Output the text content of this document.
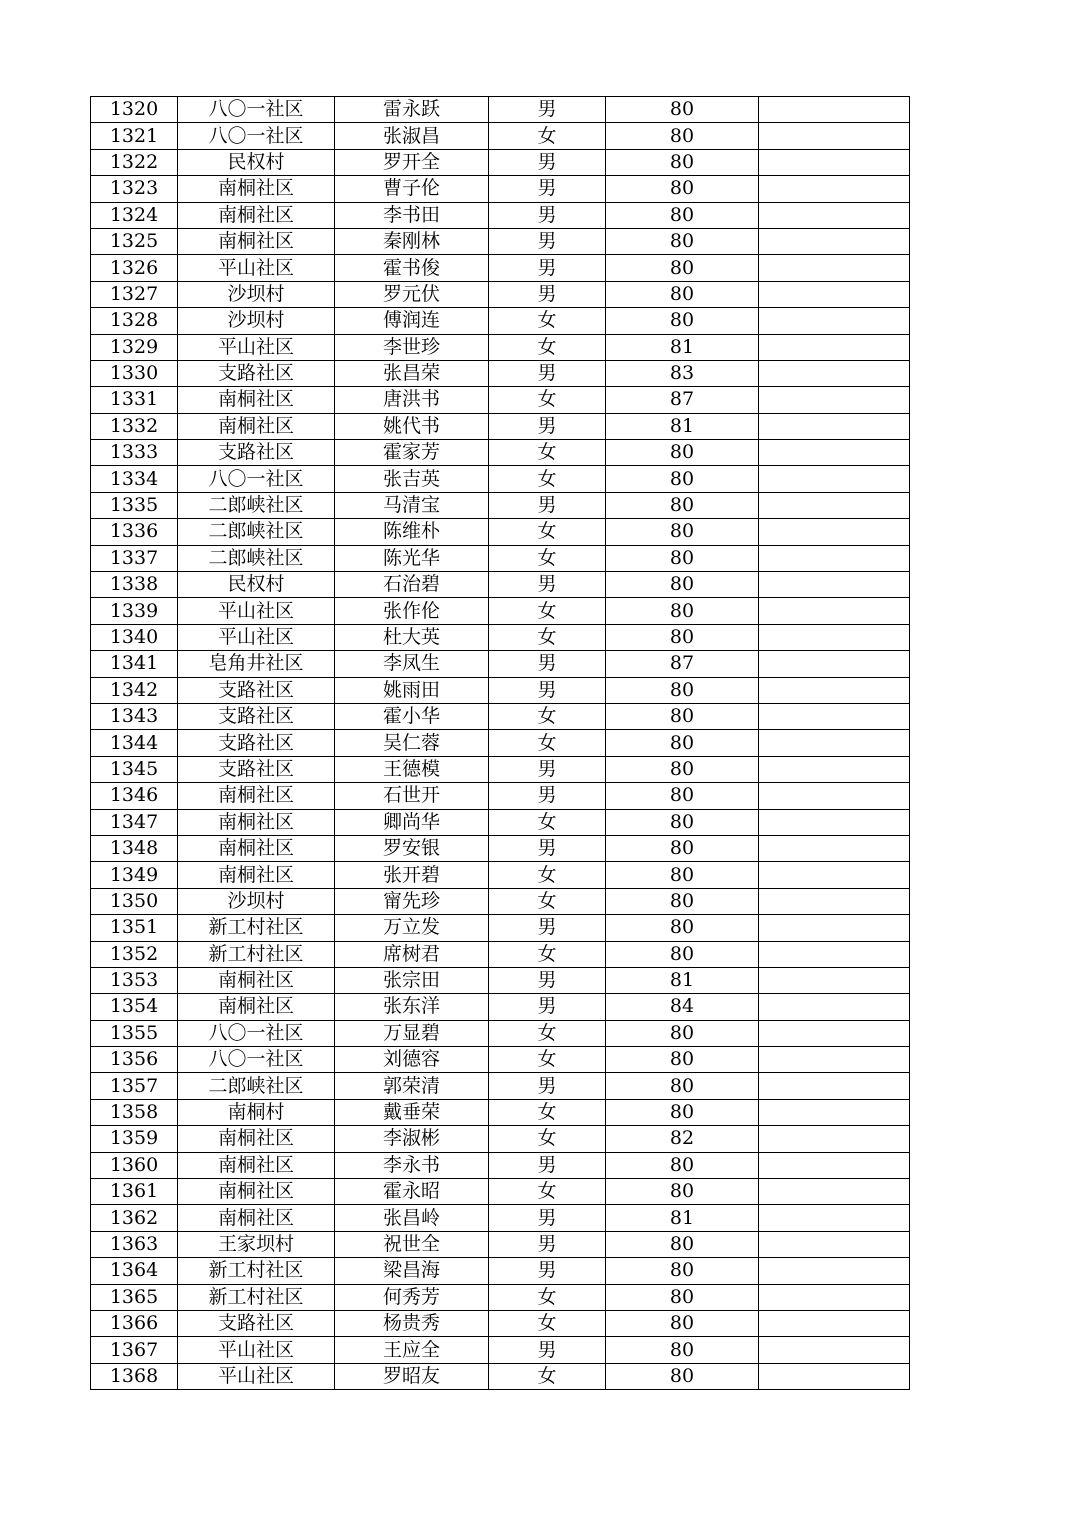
1320	八〇一社区	雷永跃	男	80	
1321	八〇一社区	张淑昌	女	80	
1322	民权村	罗开全	男	80	
1323	南桐社区	曹子伦	男	80	
1324	南桐社区	李书田	男	80	
1325	南桐社区	秦刚林	男	80	
1326	平山社区	霍书俊	男	80	
1327	沙坝村	罗元伏	男	80	
1328	沙坝村	傅润连	女	80	
1329	平山社区	李世珍	女	81	
1330	支路社区	张昌荣	男	83	
1331	南桐社区	唐洪书	女	87	
1332	南桐社区	姚代书	男	81	
1333	支路社区	霍家芳	女	80	
1334	八〇一社区	张吉英	女	80	
1335	二郎峡社区	马清宝	男	80	
1336	二郎峡社区	陈维朴	女	80	
1337	二郎峡社区	陈光华	女	80	
1338	民权村	石治碧	男	80	
1339	平山社区	张作伦	女	80	
1340	平山社区	杜大英	女	80	
1341	皂角井社区	李凤生	男	87	
1342	支路社区	姚雨田	男	80	
1343	支路社区	霍小华	女	80	
1344	支路社区	吴仁蓉	女	80	
1345	支路社区	王德模	男	80	
1346	南桐社区	石世开	男	80	
1347	南桐社区	卿尚华	女	80	
1348	南桐社区	罗安银	男	80	
1349	南桐社区	张开碧	女	80	
1350	沙坝村	甯先珍	女	80	
1351	新工村社区	万立发	男	80	
1352	新工村社区	席树君	女	80	
1353	南桐社区	张宗田	男	81	
1354	南桐社区	张东洋	男	84	
1355	八〇一社区	万显碧	女	80	
1356	八〇一社区	刘德容	女	80	
1357	二郎峡社区	郭荣清	男	80	
1358	南桐村	戴垂荣	女	80	
1359	南桐社区	李淑彬	女	82	
1360	南桐社区	李永书	男	80	
1361	南桐社区	霍永昭	女	80	
1362	南桐社区	张昌岭	男	81	
1363	王家坝村	祝世全	男	80	
1364	新工村社区	梁昌海	男	80	
1365	新工村社区	何秀芳	女	80	
1366	支路社区	杨贵秀	女	80	
1367	平山社区	王应全	男	80	
1368	平山社区	罗昭友	女	80	
